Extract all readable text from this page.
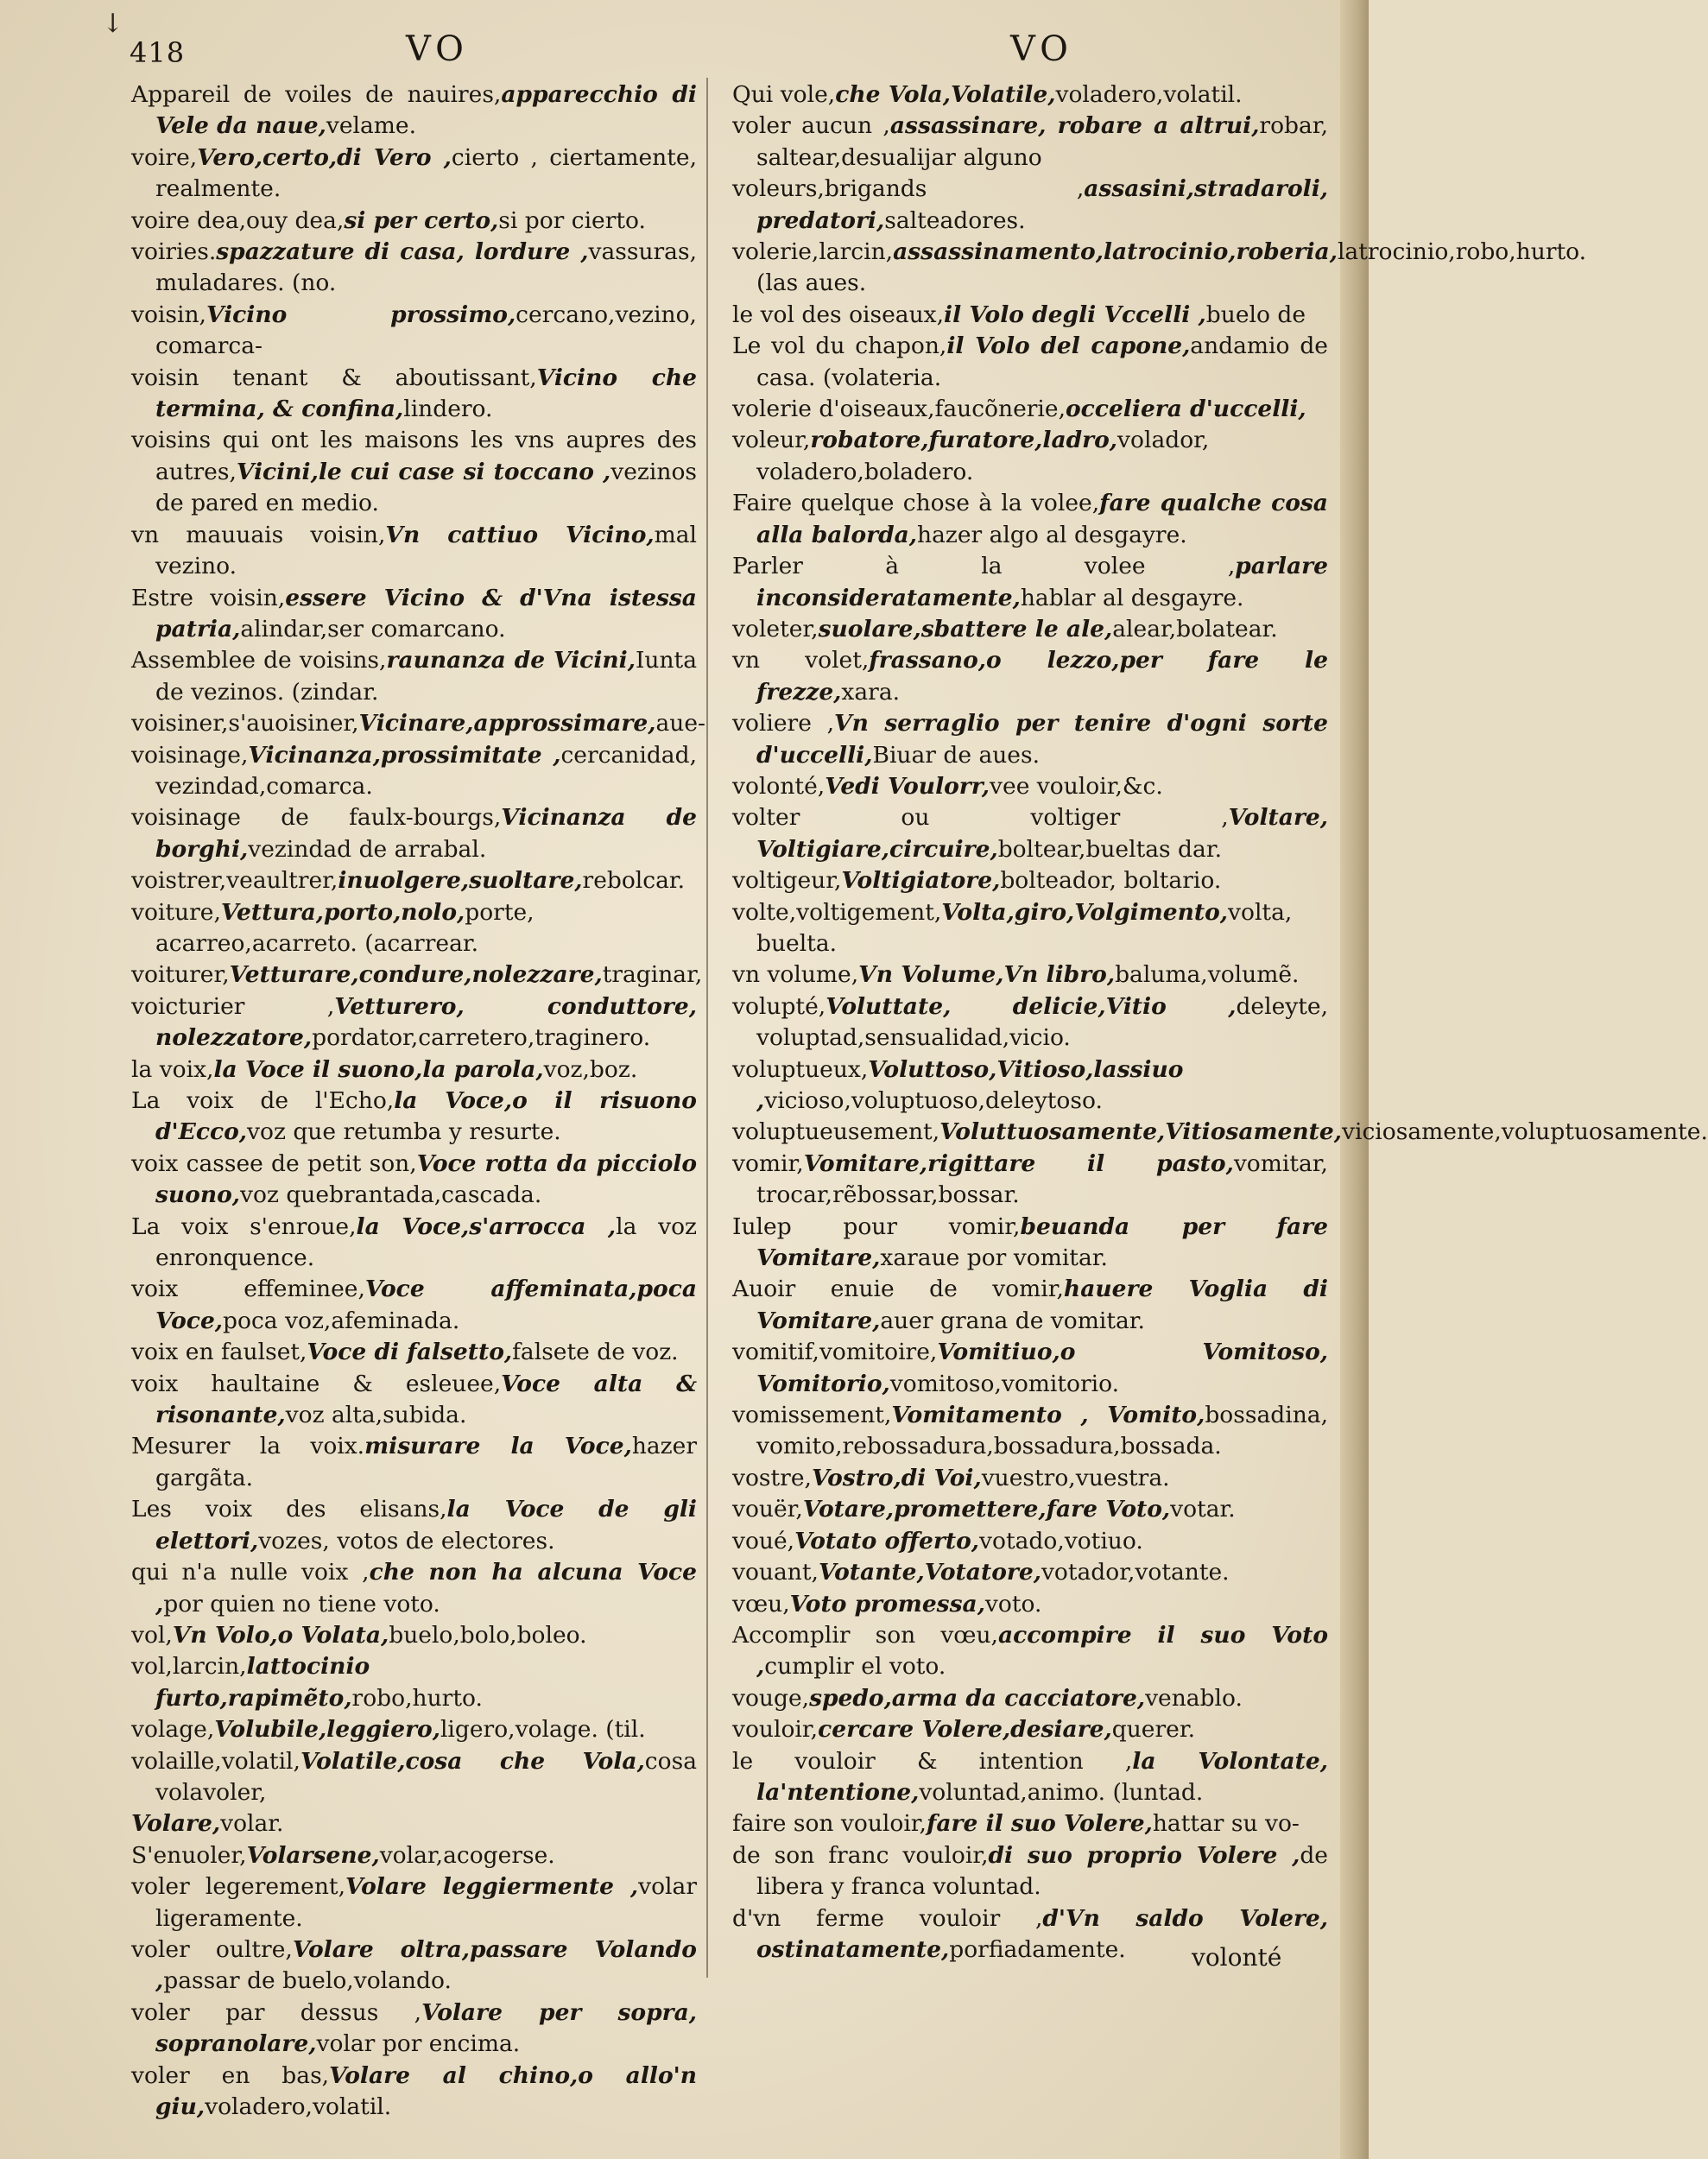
↓
418	VO	VO

Appareil de voiles de nauires,apparecchio di Vele da naue,velame.

voire,Vero,certo,di Vero ,cierto , ciertamente, realmente.

voire dea,ouy dea,si per certo,si por cierto.

voiries.spazzature di casa, lordure ,vassuras, muladares. (no.

voisin,Vicino prossimo,cercano,vezino, comarca-

voisin tenant & aboutissant,Vicino che termina, & confina,lindero.

voisins qui ont les maisons les vns aupres des autres,Vicini,le cui case si toccano ,vezinos de pared en medio.

vn mauuais voisin,Vn cattiuo Vicino,mal vezino.

Estre voisin,essere Vicino & d'Vna istessa patria,alindar,ser comarcano.

Assemblee de voisins,raunanza de Vicini,Iunta de vezinos. (zindar.

voisiner,s'auoisiner,Vicinare,approssimare,aue-

voisinage,Vicinanza,prossimitate ,cercanidad, vezindad,comarca.

voisinage de faulx-bourgs,Vicinanza de borghi,vezindad de arrabal.

voistrer,veaultrer,inuolgere,suoltare,rebolcar.

voiture,Vettura,porto,nolo,porte, acarreo,acarreto. (acarrear.

voiturer,Vetturare,condure,nolezzare,traginar,

voicturier ,Vetturero, conduttore, nolezzatore,pordator,carretero,traginero.

la voix,la Voce il suono,la parola,voz,boz.

La voix de l'Echo,la Voce,o il risuono d'Ecco,voz que retumba y resurte.

voix cassee de petit son,Voce rotta da picciolo suono,voz quebrantada,cascada.

La voix s'enroue,la Voce,s'arrocca ,la voz enronquence.

voix effeminee,Voce affeminata,poca Voce,poca voz,afeminada.

voix en faulset,Voce di falsetto,falsete de voz.

voix haultaine & esleuee,Voce alta & risonante,voz alta,subida.

Mesurer la voix.misurare la Voce,hazer gargãta.

Les voix des elisans,la Voce de gli elettori,vozes, votos de electores.

qui n'a nulle voix ,che non ha alcuna Voce ,por quien no tiene voto.

vol,Vn Volo,o Volata,buelo,bolo,boleo.

vol,larcin,lattocinio furto,rapimẽto,robo,hurto.

volage,Volubile,leggiero,ligero,volage. (til.

volaille,volatil,Volatile,cosa che Vola,cosa volavoler,

Volare,volar.

S'enuoler,Volarsene,volar,acogerse.

voler legerement,Volare leggiermente ,volar ligeramente.

voler oultre,Volare oltra,passare Volando ,passar de buelo,volando.

voler par dessus ,Volare per sopra, sopranolare,volar por encima.

voler en bas,Volare al chino,o allo'n giu,voladero,volatil.

Qui vole,che Vola,Volatile,voladero,volatil.

voler aucun ,assassinare, robare a altrui,robar, saltear,desualijar alguno

voleurs,brigands ,assasini,stradaroli, predatori,salteadores.

volerie,larcin,assassinamento,latrocinio,roberia,latrocinio,robo,hurto. (las aues.

le vol des oiseaux,il Volo degli Vccelli ,buelo de

Le vol du chapon,il Volo del capone,andamio de casa. (volateria.

volerie d'oiseaux,faucõnerie,occeliera d'uccelli,

voleur,robatore,furatore,ladro,volador, voladero,boladero.

Faire quelque chose à la volee,fare qualche cosa alla balorda,hazer algo al desgayre.

Parler à la volee ,parlare inconsideratamente,hablar al desgayre.

voleter,suolare,sbattere le ale,alear,bolatear.

vn volet,frassano,o lezzo,per fare le frezze,xara.

voliere ,Vn serraglio per tenire d'ogni sorte d'uccelli,Biuar de aues.

volonté,Vedi Voulorr,vee vouloir,&c.

volter ou voltiger ,Voltare, Voltigiare,circuire,boltear,bueltas dar.

voltigeur,Voltigiatore,bolteador, boltario.

volte,voltigement,Volta,giro,Volgimento,volta, buelta.

vn volume,Vn Volume,Vn libro,baluma,volumẽ.

volupté,Voluttate, delicie,Vitio ,deleyte, voluptad,sensualidad,vicio.

voluptueux,Voluttoso,Vitioso,lassiuo ,vicioso,voluptuoso,deleytoso.

voluptueusement,Voluttuosamente,Vitiosamente,viciosamente,voluptuosamente.

vomir,Vomitare,rigittare il pasto,vomitar, trocar,rẽbossar,bossar.

Iulep pour vomir,beuanda per fare Vomitare,xaraue por vomitar.

Auoir enuie de vomir,hauere Voglia di Vomitare,auer grana de vomitar.

vomitif,vomitoire,Vomitiuo,o Vomitoso, Vomitorio,vomitoso,vomitorio.

vomissement,Vomitamento , Vomito,bossadina, vomito,rebossadura,bossadura,bossada.

vostre,Vostro,di Voi,vuestro,vuestra.

vouër,Votare,promettere,fare Voto,votar.

voué,Votato offerto,votado,votiuo.

vouant,Votante,Votatore,votador,votante.

vœu,Voto promessa,voto.

Accomplir son vœu,accompire il suo Voto ,cumplir el voto.

vouge,spedo,arma da cacciatore,venablo.

vouloir,cercare Volere,desiare,querer.

le vouloir & intention ,la Volontate, la'ntentione,voluntad,animo. (luntad.

faire son vouloir,fare il suo Volere,hattar su vo-

de son franc vouloir,di suo proprio Volere ,de libera y franca voluntad.

d'vn ferme vouloir ,d'Vn saldo Volere, ostinatamente,porfiadamente.	volonté
